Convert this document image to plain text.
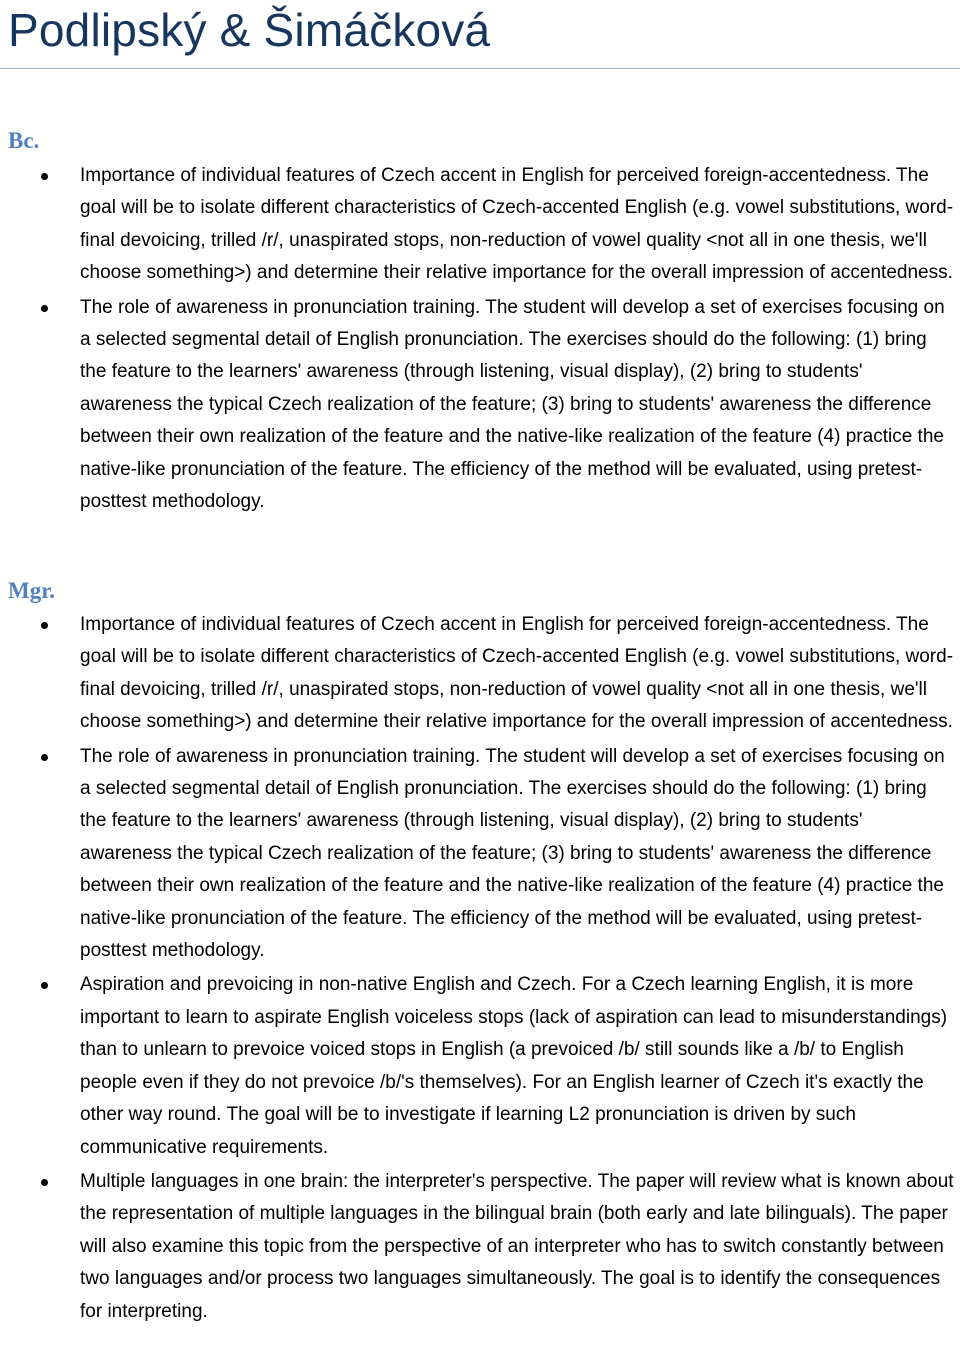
Podlipský & Šimáčková
Bc.
Importance of individual features of Czech accent in English for perceived foreign-accentedness. The goal will be to isolate different characteristics of Czech-accented English (e.g. vowel substitutions, word-final devoicing, trilled /r/, unaspirated stops, non-reduction of vowel quality <not all in one thesis, we'll choose something>) and determine their relative importance for the overall impression of accentedness.
The role of awareness in pronunciation training. The student will develop a set of exercises focusing on a selected segmental detail of English pronunciation. The exercises should do the following: (1) bring the feature to the learners' awareness (through listening, visual display), (2) bring to students' awareness the typical Czech realization of the feature; (3) bring to students' awareness the difference between their own realization of the feature and the native-like realization of the feature (4) practice the native-like pronunciation of the feature. The efficiency of the method will be evaluated, using pretest-posttest methodology.
Mgr.
Importance of individual features of Czech accent in English for perceived foreign-accentedness. The goal will be to isolate different characteristics of Czech-accented English (e.g. vowel substitutions, word-final devoicing, trilled /r/, unaspirated stops, non-reduction of vowel quality <not all in one thesis, we'll choose something>) and determine their relative importance for the overall impression of accentedness.
The role of awareness in pronunciation training. The student will develop a set of exercises focusing on a selected segmental detail of English pronunciation. The exercises should do the following: (1) bring the feature to the learners' awareness (through listening, visual display), (2) bring to students' awareness the typical Czech realization of the feature; (3) bring to students' awareness the difference between their own realization of the feature and the native-like realization of the feature (4) practice the native-like pronunciation of the feature. The efficiency of the method will be evaluated, using pretest-posttest methodology.
Aspiration and prevoicing in non-native English and Czech. For a Czech learning English, it is more important to learn to aspirate English voiceless stops (lack of aspiration can lead to misunderstandings) than to unlearn to prevoice voiced stops in English (a prevoiced /b/ still sounds like a /b/ to English people even if they do not prevoice /b/'s themselves). For an English learner of Czech it's exactly the other way round. The goal will be to investigate if learning L2 pronunciation is driven by such communicative requirements.
Multiple languages in one brain: the interpreter's perspective. The paper will review what is known about the representation of multiple languages in the bilingual brain (both early and late bilinguals). The paper will also examine this topic from the perspective of an interpreter who has to switch constantly between two languages and/or process two languages simultaneously. The goal is to identify the consequences for interpreting.
